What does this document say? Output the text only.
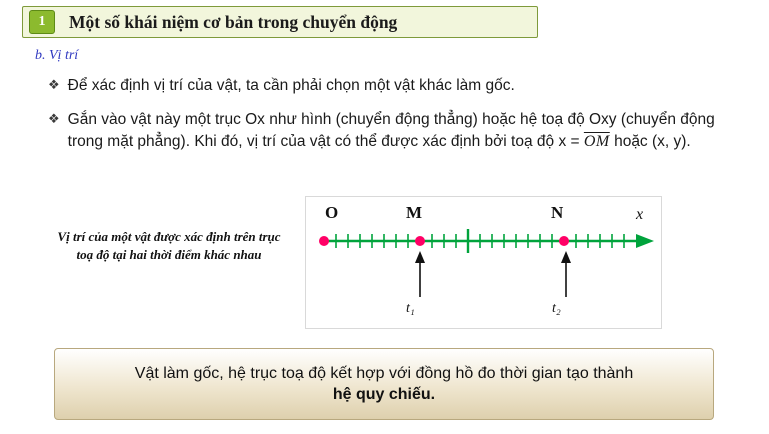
1	Một số khái niệm cơ bản trong chuyển động
b. Vị trí
❖ Để xác định vị trí của vật, ta cần phải chọn một vật khác làm gốc.
❖ Gắn vào vật này một trục Ox như hình (chuyển động thẳng) hoặc hệ toạ độ Oxy (chuyển động trong mặt phẳng). Khi đó, vị trí của vật có thể được xác định bởi toạ độ $x = \overline{OM}$ hoặc (x, y).
Vị trí của một vật được xác định trên trục toạ độ tại hai thời điểm khác nhau
O	M	N	x
t₁	t₂
Vật làm gốc, hệ trục toạ độ kết hợp với đồng hồ đo thời gian tạo thành
hệ quy chiếu.
